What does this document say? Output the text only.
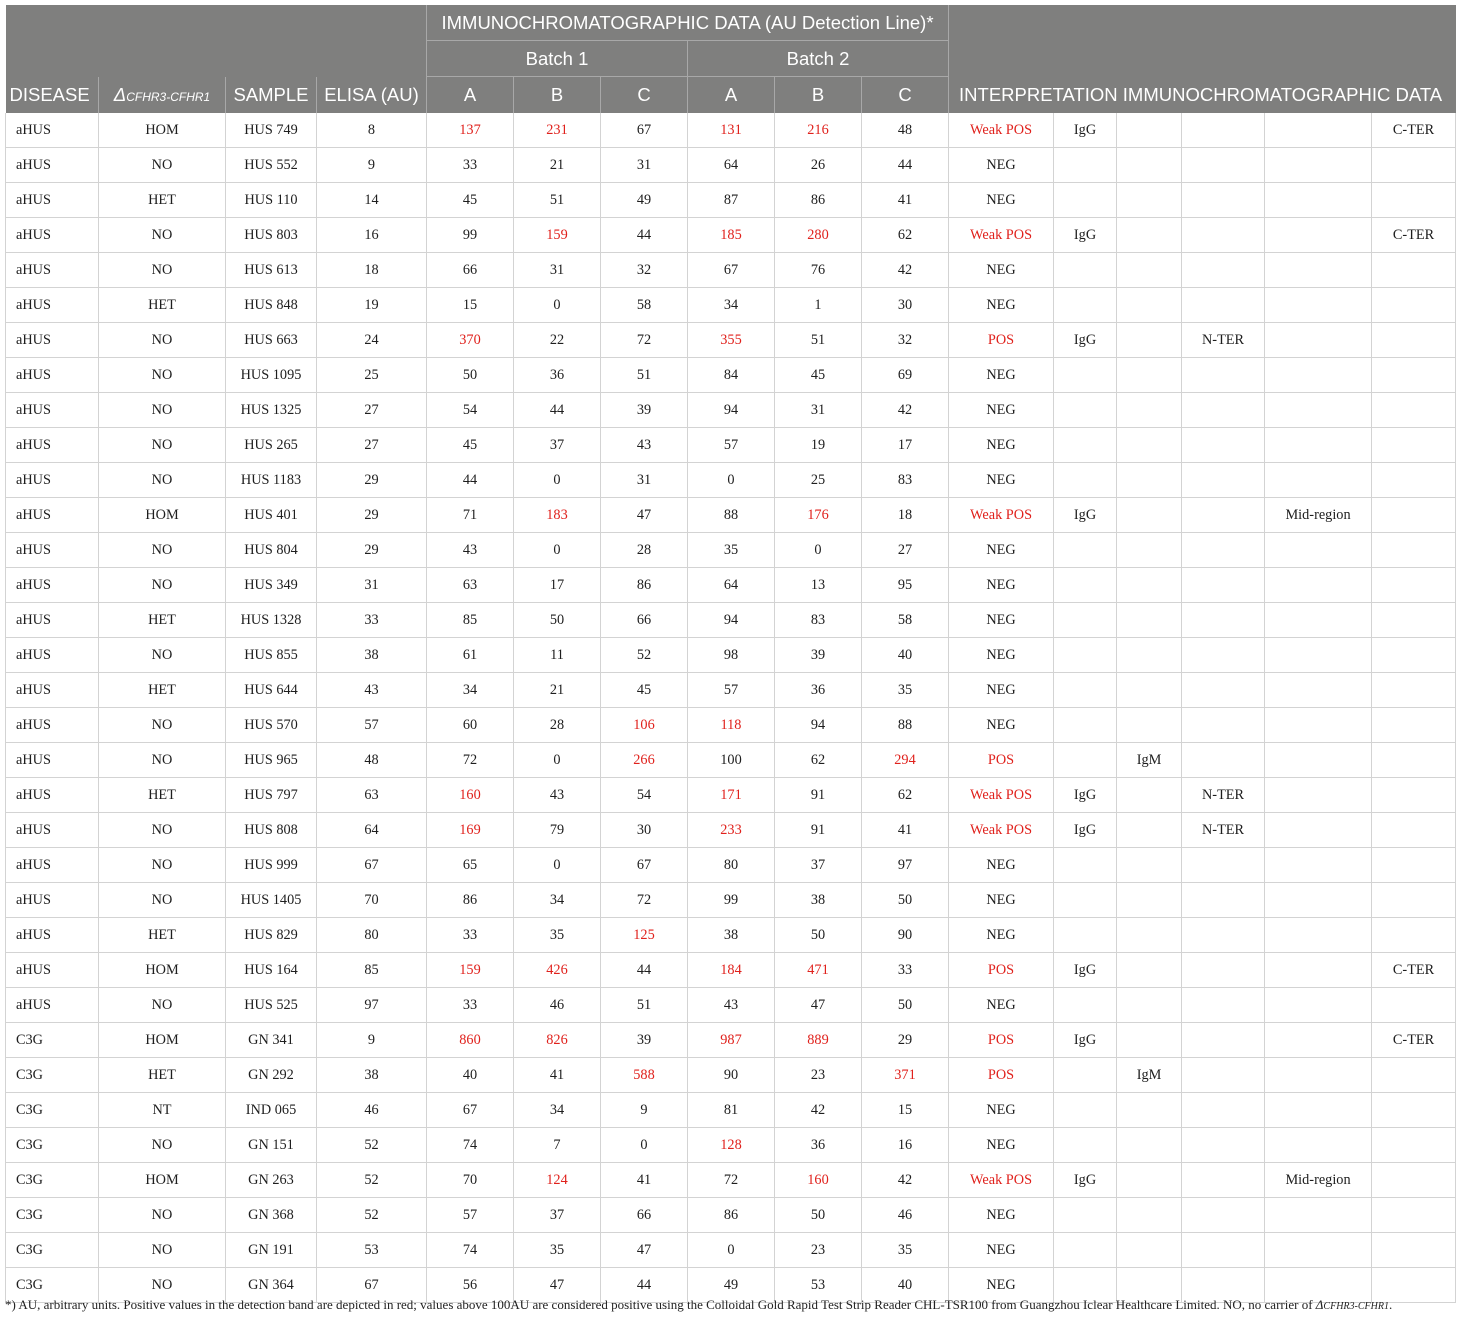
				IMMUNOCHROMATOGRAPHIC DATA (AU Detection Line)*											
				Batch 1			Batch 2								
DISEASE	ΔCFHR3-CFHR1	SAMPLE	ELISA (AU)	A	B	C	A	B	C	INTERPRETATION IMMUNOCHROMATOGRAPHIC DATA					
aHUS	HOM	HUS 749	8	137	231	67	131	216	48	Weak POS	IgG				C-TER
aHUS	NO	HUS 552	9	33	21	31	64	26	44	NEG					
aHUS	HET	HUS 110	14	45	51	49	87	86	41	NEG					
aHUS	NO	HUS 803	16	99	159	44	185	280	62	Weak POS	IgG				C-TER
aHUS	NO	HUS 613	18	66	31	32	67	76	42	NEG					
aHUS	HET	HUS 848	19	15	0	58	34	1	30	NEG					
aHUS	NO	HUS 663	24	370	22	72	355	51	32	POS	IgG		N-TER		
aHUS	NO	HUS 1095	25	50	36	51	84	45	69	NEG					
aHUS	NO	HUS 1325	27	54	44	39	94	31	42	NEG					
aHUS	NO	HUS 265	27	45	37	43	57	19	17	NEG					
aHUS	NO	HUS 1183	29	44	0	31	0	25	83	NEG					
aHUS	HOM	HUS 401	29	71	183	47	88	176	18	Weak POS	IgG			Mid-region	
aHUS	NO	HUS 804	29	43	0	28	35	0	27	NEG					
aHUS	NO	HUS 349	31	63	17	86	64	13	95	NEG					
aHUS	HET	HUS 1328	33	85	50	66	94	83	58	NEG					
aHUS	NO	HUS 855	38	61	11	52	98	39	40	NEG					
aHUS	HET	HUS 644	43	34	21	45	57	36	35	NEG					
aHUS	NO	HUS 570	57	60	28	106	118	94	88	NEG					
aHUS	NO	HUS 965	48	72	0	266	100	62	294	POS		IgM			
aHUS	HET	HUS 797	63	160	43	54	171	91	62	Weak POS	IgG		N-TER		
aHUS	NO	HUS 808	64	169	79	30	233	91	41	Weak POS	IgG		N-TER		
aHUS	NO	HUS 999	67	65	0	67	80	37	97	NEG					
aHUS	NO	HUS 1405	70	86	34	72	99	38	50	NEG					
aHUS	HET	HUS 829	80	33	35	125	38	50	90	NEG					
aHUS	HOM	HUS 164	85	159	426	44	184	471	33	POS	IgG				C-TER
aHUS	NO	HUS 525	97	33	46	51	43	47	50	NEG					
C3G	HOM	GN 341	9	860	826	39	987	889	29	POS	IgG				C-TER
C3G	HET	GN 292	38	40	41	588	90	23	371	POS		IgM			
C3G	NT	IND 065	46	67	34	9	81	42	15	NEG					
C3G	NO	GN 151	52	74	7	0	128	36	16	NEG					
C3G	HOM	GN 263	52	70	124	41	72	160	42	Weak POS	IgG			Mid-region	
C3G	NO	GN 368	52	57	37	66	86	50	46	NEG					
C3G	NO	GN 191	53	74	35	47	0	23	35	NEG					
C3G	NO	GN 364	67	56	47	44	49	53	40	NEG					
*) AU, arbitrary units. Positive values in the detection band are depicted in red; values above 100AU are considered positive using the Colloidal Gold Rapid Test Strip Reader CHL-TSR100 from Guangzhou Iclear Healthcare Limited. NO, no carrier of ΔCFHR3-CFHR1.
